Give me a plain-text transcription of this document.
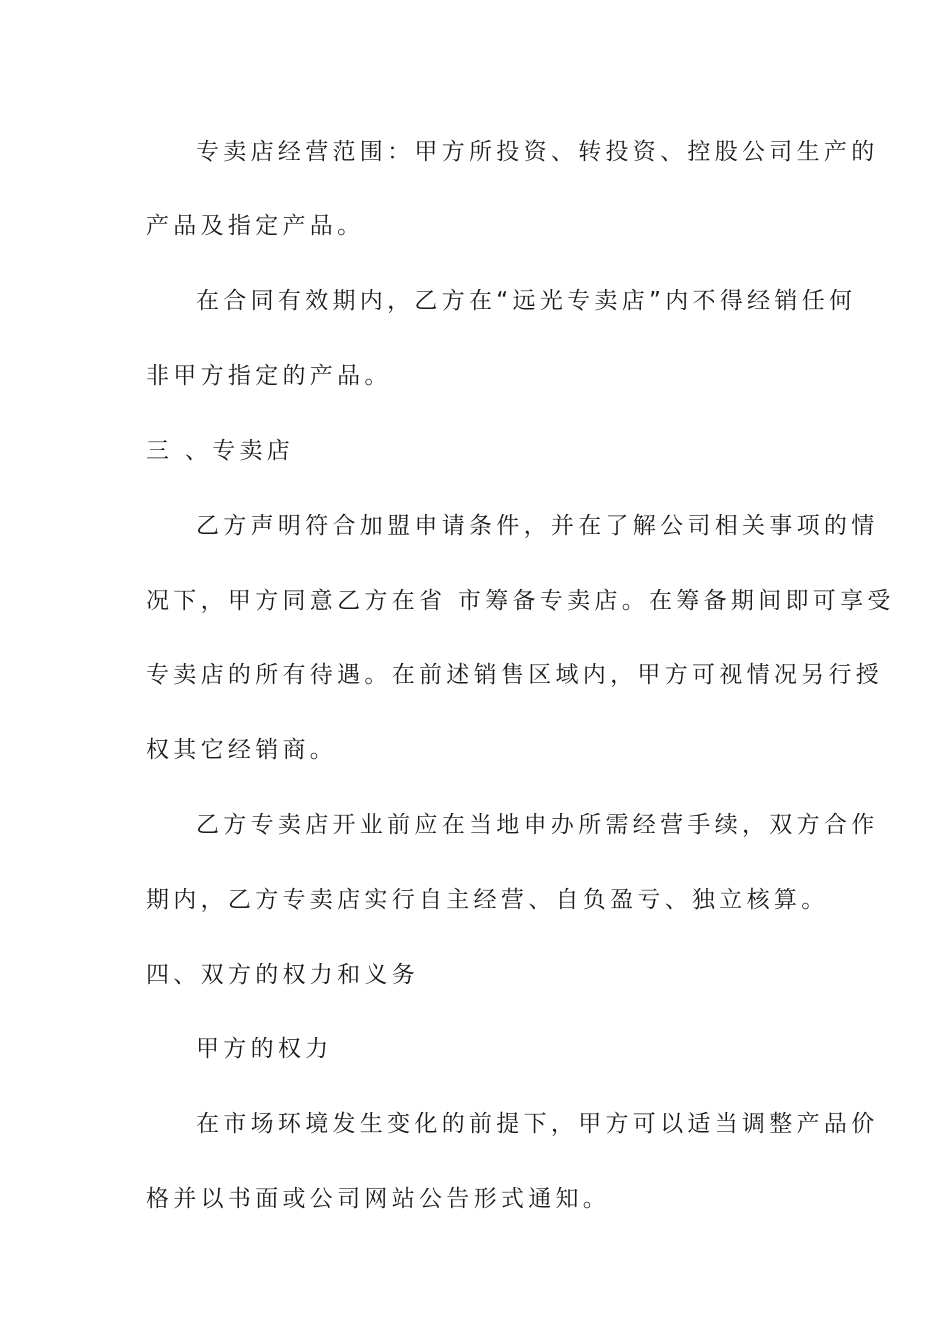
专卖店经营范围：甲方所投资、转投资、控股公司生产的
产品及指定产品。
在合同有效期内，乙方在“远光专卖店”内不得经销任何
非甲方指定的产品。
三 、专卖店
乙方声明符合加盟申请条件，并在了解公司相关事项的情
况下，甲方同意乙方在省 市筹备专卖店。在筹备期间即可享受
专卖店的所有待遇。在前述销售区域内，甲方可视情况另行授
权其它经销商。
乙方专卖店开业前应在当地申办所需经营手续，双方合作
期内，乙方专卖店实行自主经营、自负盈亏、独立核算。
四、双方的权力和义务
甲方的权力
在市场环境发生变化的前提下，甲方可以适当调整产品价
格并以书面或公司网站公告形式通知。
